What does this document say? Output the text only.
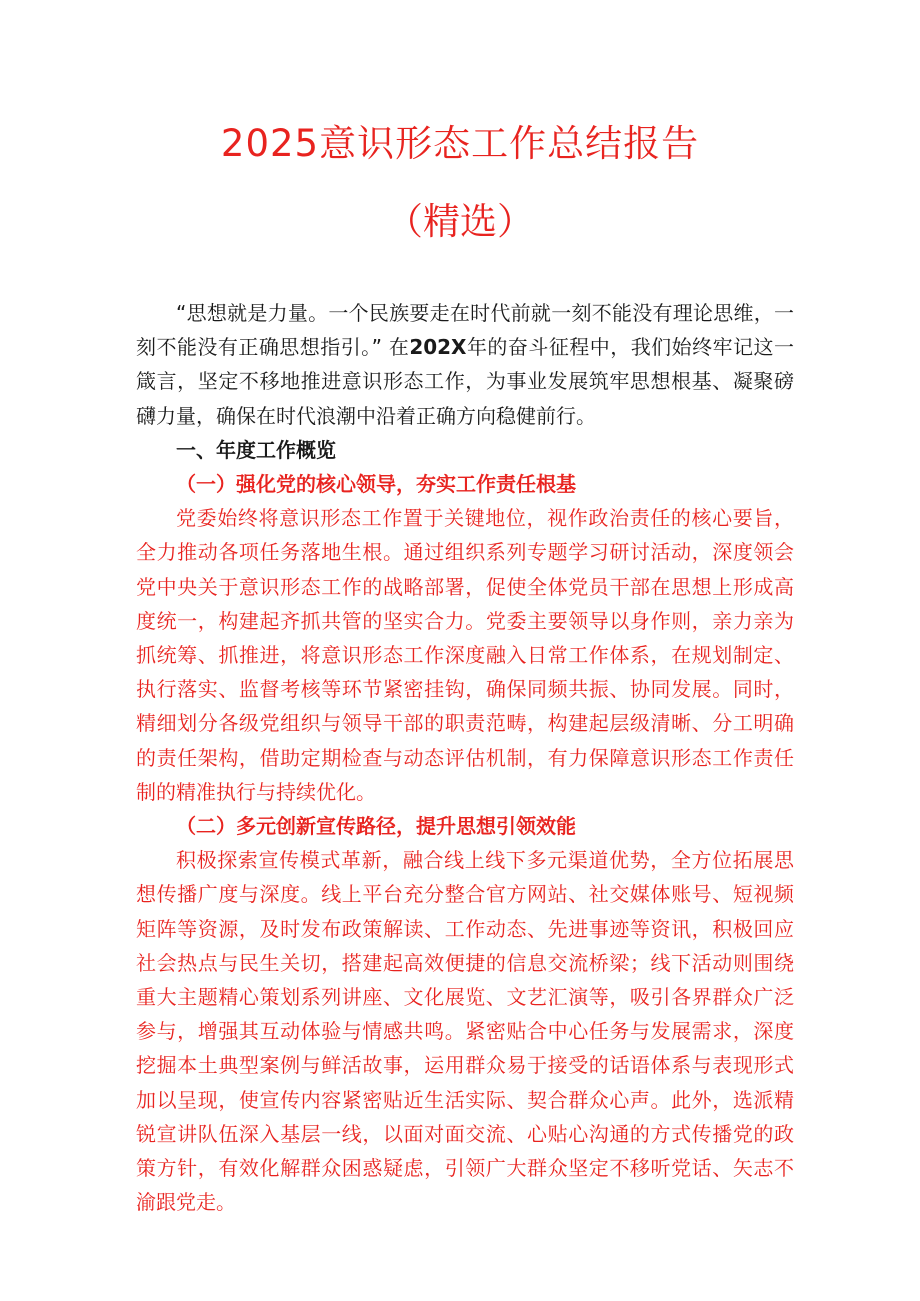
2025意识形态工作总结报告
（精选）

“思想就是力量。一个民族要走在时代前就一刻不能没有理论思维，一刻不能没有正确思想指引。” 在202X年的奋斗征程中，我们始终牢记这一箴言，坚定不移地推进意识形态工作，为事业发展筑牢思想根基、凝聚磅礴力量，确保在时代浪潮中沿着正确方向稳健前行。

一、年度工作概览

（一）强化党的核心领导，夯实工作责任根基

党委始终将意识形态工作置于关键地位，视作政治责任的核心要旨，全力推动各项任务落地生根。通过组织系列专题学习研讨活动，深度领会党中央关于意识形态工作的战略部署，促使全体党员干部在思想上形成高度统一，构建起齐抓共管的坚实合力。党委主要领导以身作则，亲力亲为抓统筹、抓推进，将意识形态工作深度融入日常工作体系，在规划制定、执行落实、监督考核等环节紧密挂钩，确保同频共振、协同发展。同时，精细划分各级党组织与领导干部的职责范畴，构建起层级清晰、分工明确的责任架构，借助定期检查与动态评估机制，有力保障意识形态工作责任制的精准执行与持续优化。

（二）多元创新宣传路径，提升思想引领效能

积极探索宣传模式革新，融合线上线下多元渠道优势，全方位拓展思想传播广度与深度。线上平台充分整合官方网站、社交媒体账号、短视频矩阵等资源，及时发布政策解读、工作动态、先进事迹等资讯，积极回应社会热点与民生关切，搭建起高效便捷的信息交流桥梁；线下活动则围绕重大主题精心策划系列讲座、文化展览、文艺汇演等，吸引各界群众广泛参与，增强其互动体验与情感共鸣。紧密贴合中心任务与发展需求，深度挖掘本土典型案例与鲜活故事，运用群众易于接受的话语体系与表现形式加以呈现，使宣传内容紧密贴近生活实际、契合群众心声。此外，选派精锐宣讲队伍深入基层一线，以面对面交流、心贴心沟通的方式传播党的政策方针，有效化解群众困惑疑虑，引领广大群众坚定不移听党话、矢志不渝跟党走。
